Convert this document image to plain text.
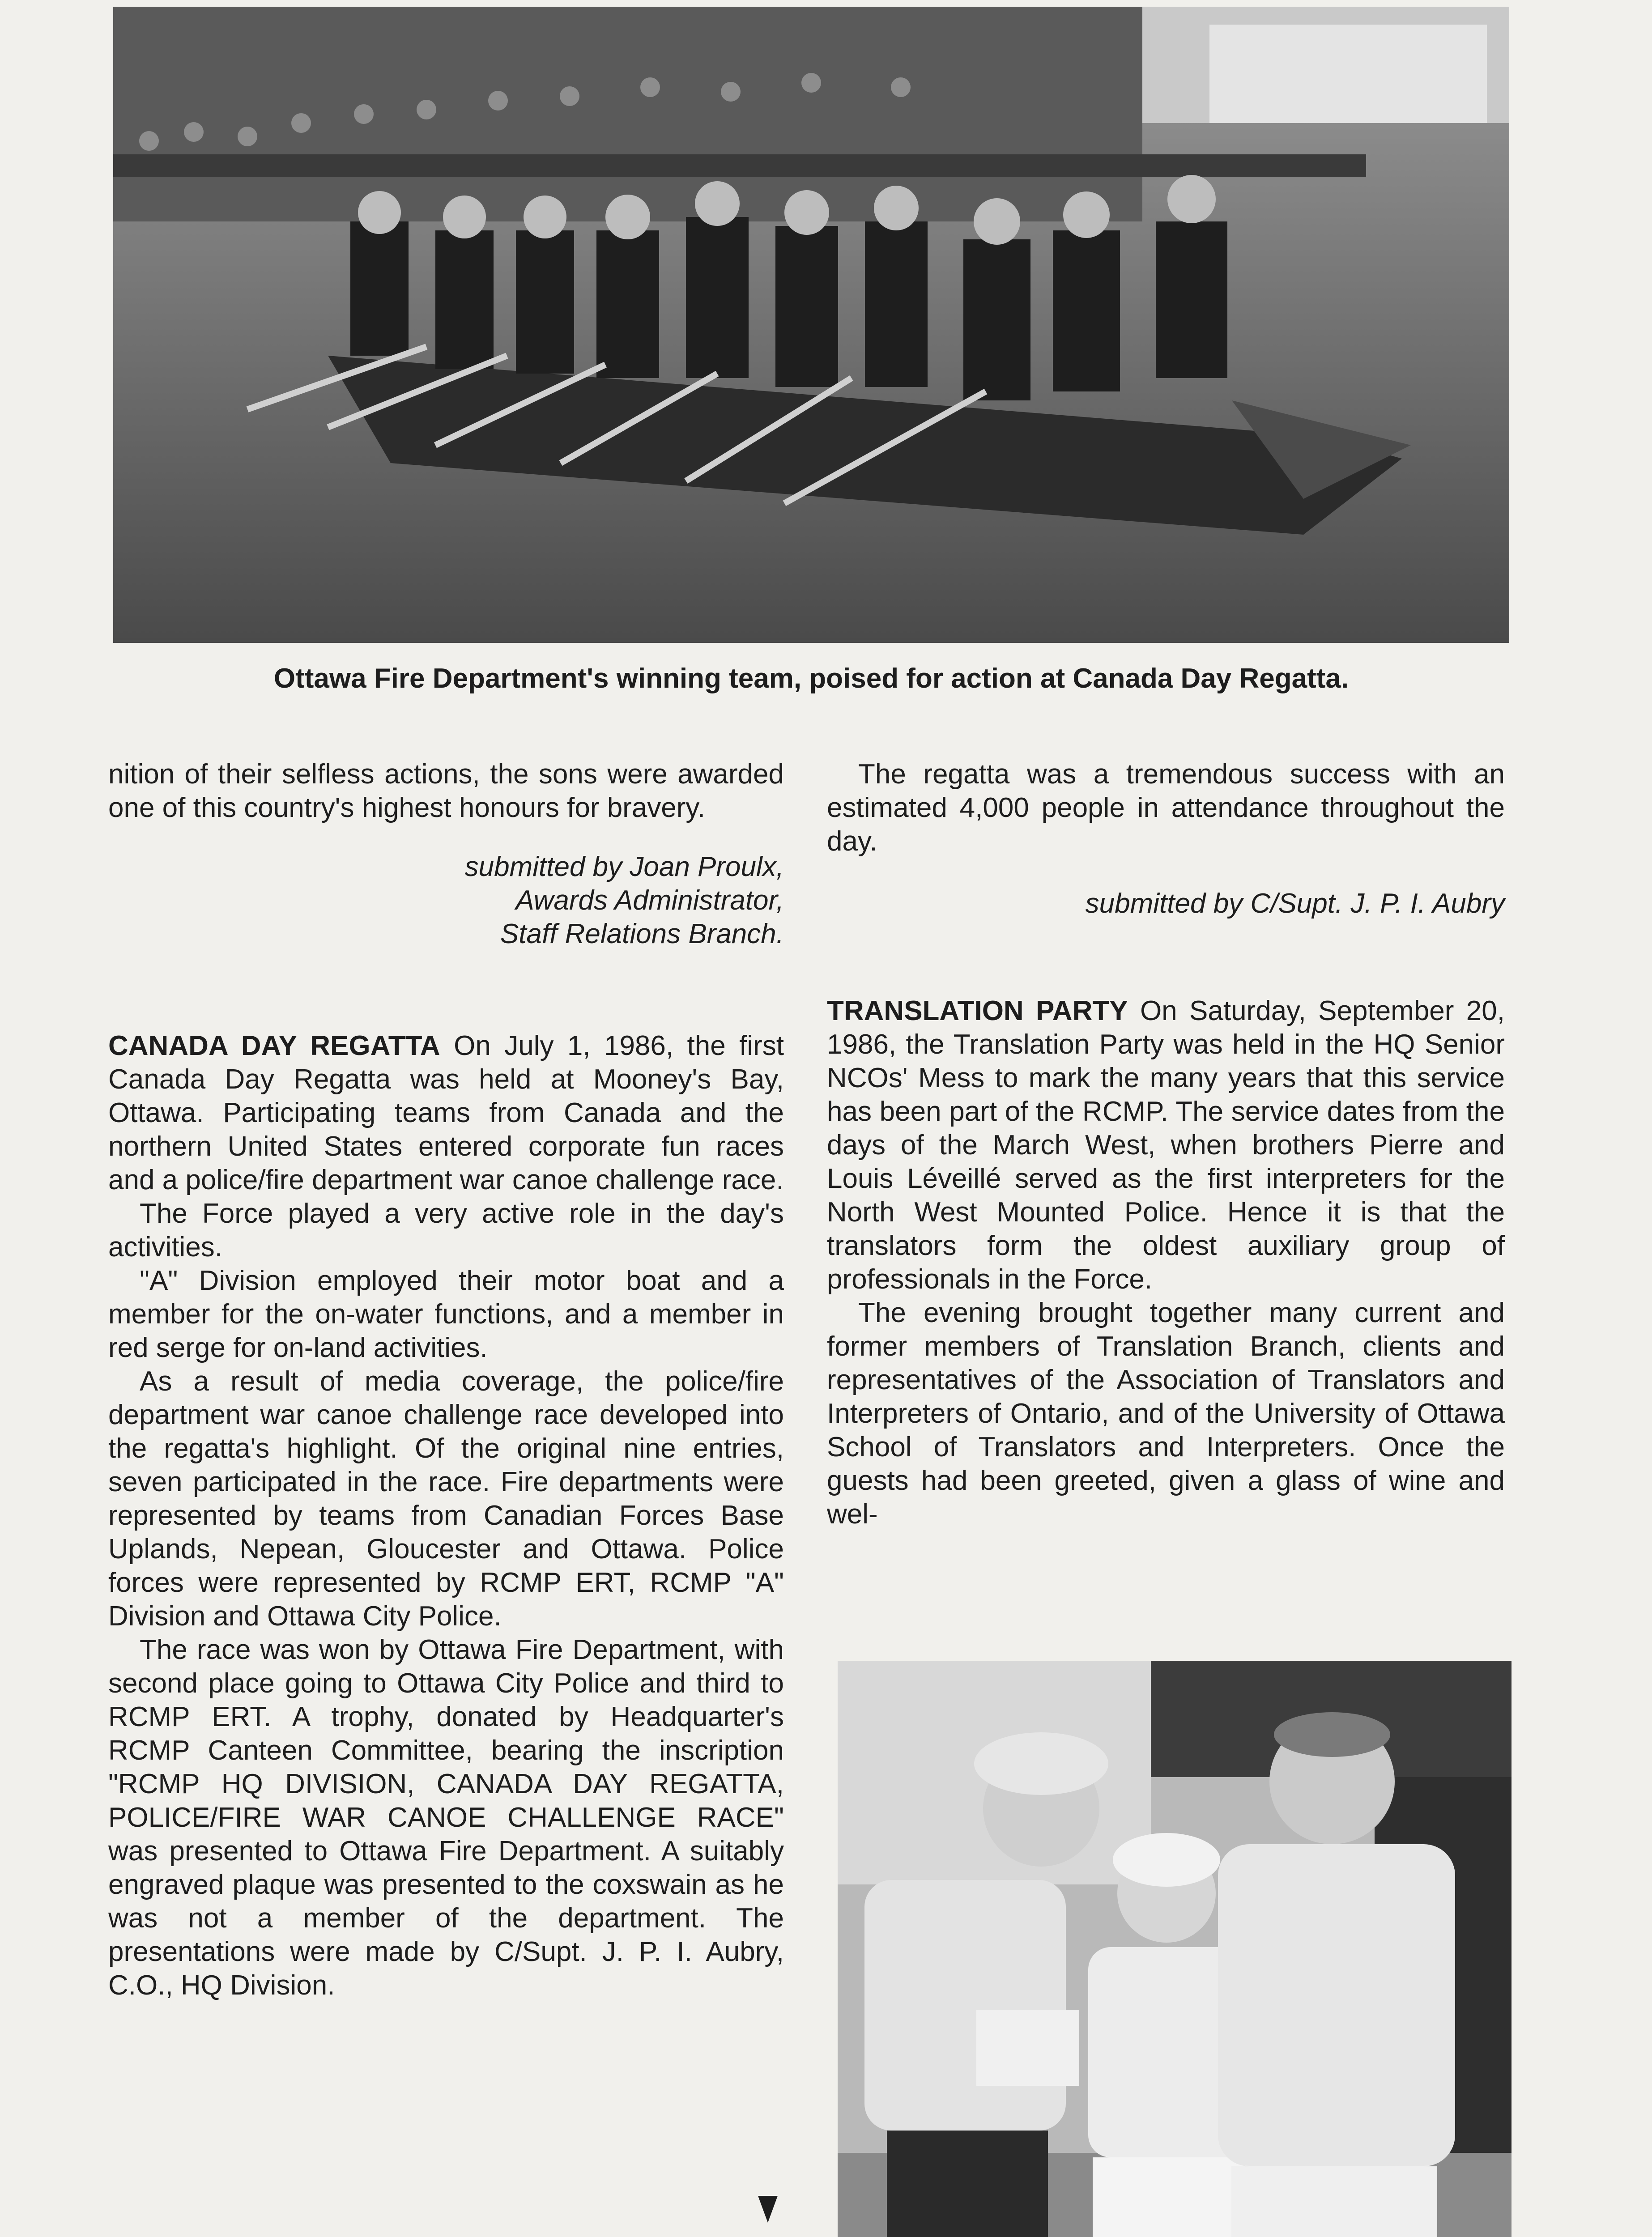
Ottawa Fire Department's winning team, poised for action at Canada Day Regatta.

nition of their selfless actions, the sons were awarded one of this country's highest honours for bravery.

submitted by Joan Proulx,
Awards Administrator,
Staff Relations Branch.

CANADA DAY REGATTA On July 1, 1986, the first Canada Day Regatta was held at Mooney's Bay, Ottawa. Participating teams from Canada and the northern United States entered corporate fun races and a police/fire department war canoe challenge race.

The Force played a very active role in the day's activities.

"A" Division employed their motor boat and a member for the on-water functions, and a member in red serge for on-land activities.

As a result of media coverage, the police/fire department war canoe challenge race developed into the regatta's highlight. Of the original nine entries, seven participated in the race. Fire departments were represented by teams from Canadian Forces Base Uplands, Nepean, Gloucester and Ottawa. Police forces were represented by RCMP ERT, RCMP "A" Division and Ottawa City Police.

The race was won by Ottawa Fire Department, with second place going to Ottawa City Police and third to RCMP ERT. A trophy, donated by Headquarter's RCMP Canteen Committee, bearing the inscription "RCMP HQ DIVISION, CANADA DAY REGATTA, POLICE/FIRE WAR CANOE CHALLENGE RACE" was presented to Ottawa Fire Department. A suitably engraved plaque was presented to the coxswain as he was not a member of the department. The presentations were made by C/Supt. J. P. I. Aubry, C.O., HQ Division.

The regatta was a tremendous success with an estimated 4,000 people in attendance throughout the day.

submitted by C/Supt. J. P. I. Aubry

TRANSLATION PARTY On Saturday, September 20, 1986, the Translation Party was held in the HQ Senior NCOs' Mess to mark the many years that this service has been part of the RCMP. The service dates from the days of the March West, when brothers Pierre and Louis Léveillé served as the first interpreters for the North West Mounted Police. Hence it is that the translators form the oldest auxiliary group of professionals in the Force.

The evening brought together many current and former members of Translation Branch, clients and representatives of the Association of Translators and Interpreters of Ontario, and of the University of Ottawa School of Translators and Interpreters. Once the guests had been greeted, given a glass of wine and wel-
